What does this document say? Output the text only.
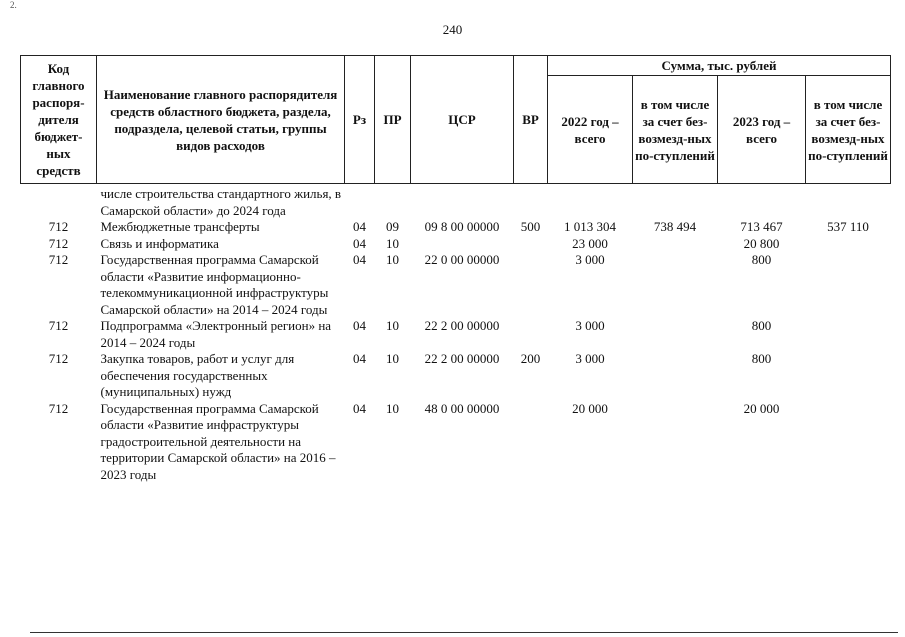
2.
240
Код главного распоря-дителя бюджет-ных средств	Наименование главного распорядителя средств областного бюджета, раздела, подраздела, целевой статьи, группы видов расходов	Рз	ПР	ЦСР	ВР	Сумма, тыс. рублей			
						2022 год – всего	в том числе за счет без-возмезд-ных по-ступлений	2023 год – всего	в том числе за счет без-возмезд-ных по-ступлений
	числе строительства стандартного жилья, в Самарской области» до 2024 года								
712	Межбюджетные трансферты	04	09	09 8 00 00000	500	1 013 304	738 494	713 467	537 110
712	Связь и информатика	04	10			23 000		20 800	
712	Государственная программа Самарской области «Развитие информационно-телекоммуникационной инфраструктуры Самарской области» на 2014 – 2024 годы	04	10	22 0 00 00000		3 000		800	
712	Подпрограмма «Электронный регион» на 2014 – 2024 годы	04	10	22 2 00 00000		3 000		800	
712	Закупка товаров, работ и услуг для обеспечения государственных (муниципальных) нужд	04	10	22 2 00 00000	200	3 000		800	
712	Государственная программа Самарской области «Развитие инфраструктуры градостроительной деятельности на территории Самарской области» на 2016 – 2023 годы	04	10	48 0 00 00000		20 000		20 000	
